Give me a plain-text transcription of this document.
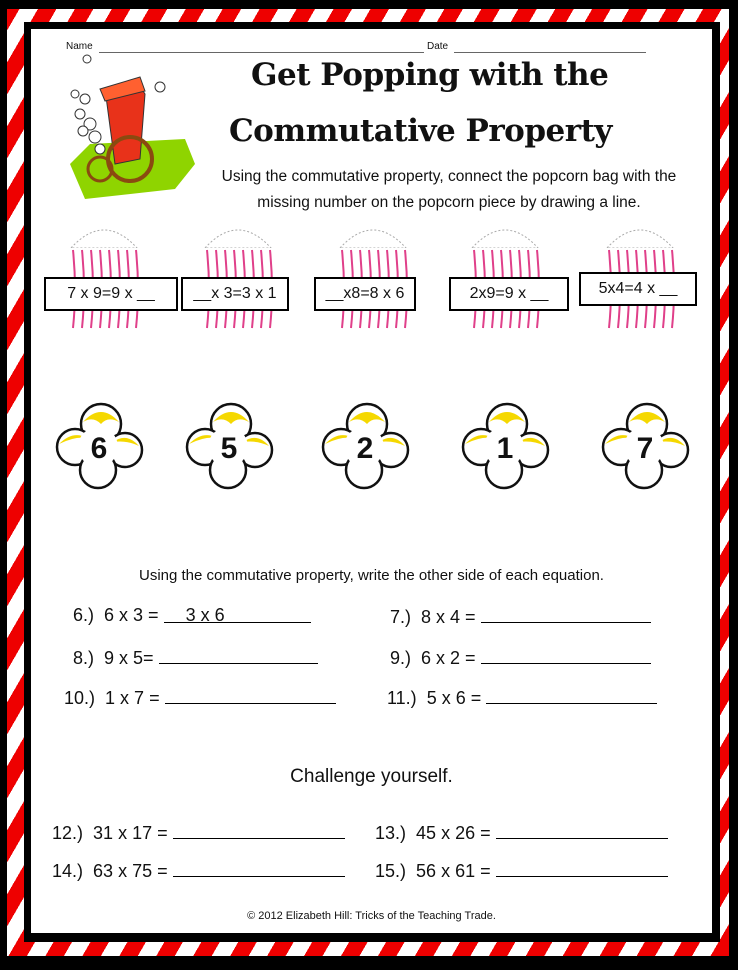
Name	Date
Get Popping with the
Commutative Property
Using the commutative property, connect the popcorn bag with the missing number on the popcorn piece by drawing a line.
7 x 9=9 x __	__x 3=3 x 1	__x8=8 x 6	2x9=9 x __	5x4=4 x __
6	5	2	1	7
Using the commutative property, write the other side of each equation.
6.) 6 x 3 = 3 x 6	7.) 8 x 4 =
8.) 9 x 5=	9.) 6 x 2 =
10.) 1 x 7 =	11.) 5 x 6 =
Challenge yourself.
12.) 31 x 17 =	13.) 45 x 26 =
14.) 63 x 75 =	15.) 56 x 61 =
© 2012 Elizabeth Hill: Tricks of the Teaching Trade.
